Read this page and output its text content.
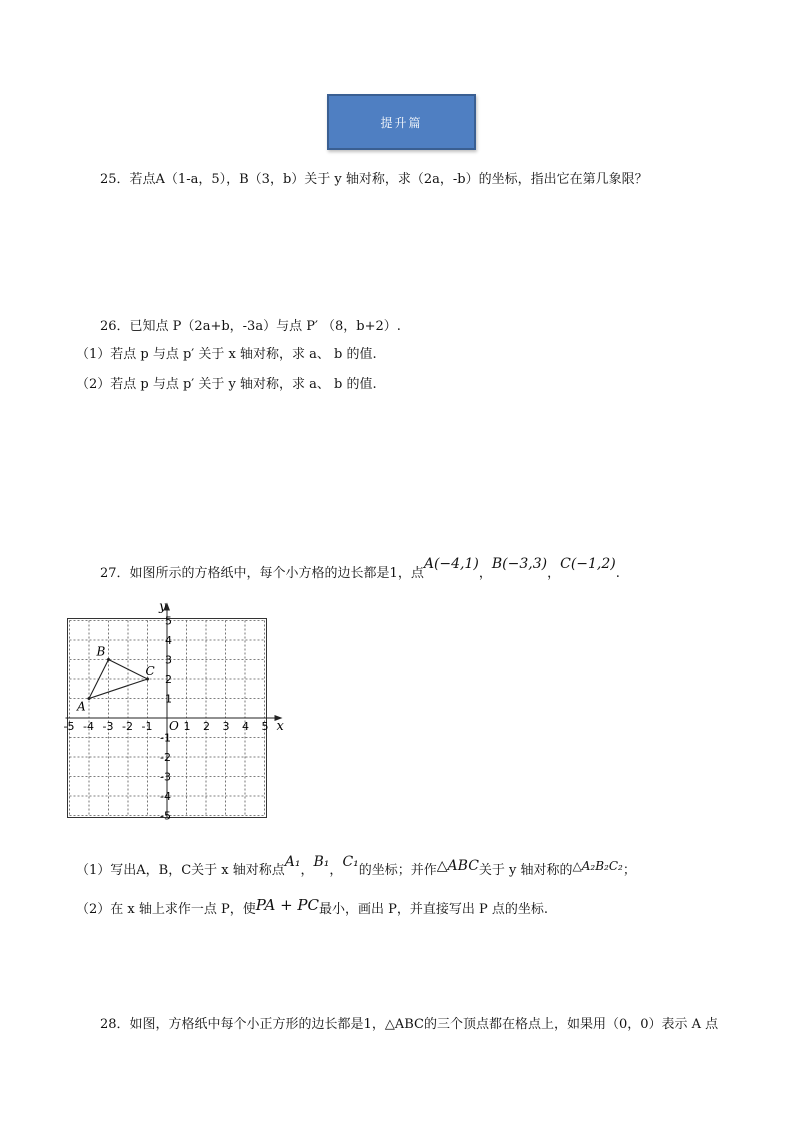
提升篇
25．若点A（1-a，5），B（3，b）关于 y 轴对称，求（2a，-b）的坐标，指出它在第几象限？
26．已知点 P（2a+b，-3a）与点 P′ （8，b+2）.
（1）若点 p 与点 p′ 关于 x 轴对称，求 a、 b 的值.
（2）若点 p 与点 p′ 关于 y 轴对称，求 a、 b 的值.
27．如图所示的方格纸中，每个小方格的边长都是1，点A(−4,1)，B(−3,3)，C(−1,2).
x
y
O
-5 -4 -3 -2 -1	1 2 3 4 5
5
4
3
2
1
-1
-2
-3
-4
-5
A
B
C
（1）写出A，B，C关于 x 轴对称点A₁，B₁，C₁的坐标；并作△ABC关于 y 轴对称的△A₂B₂C₂；
（2）在 x 轴上求作一点 P，使PA + PC最小，画出 P，并直接写出 P 点的坐标.
28．如图，方格纸中每个小正方形的边长都是1，△ABC的三个顶点都在格点上，如果用（0，0）表示 A 点
